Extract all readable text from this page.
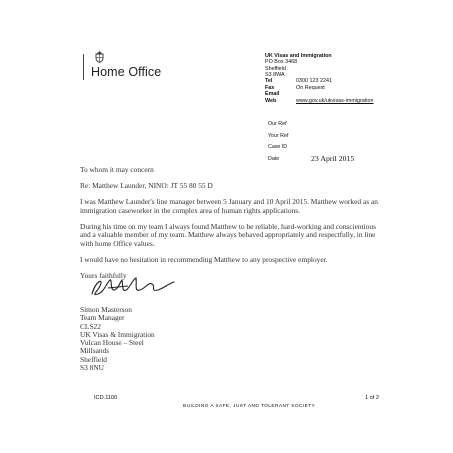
Home Office
UK Visas and Immigration
PO Box 3468
Sheffield
S3 8WA
Tel	0300 123 2241
Fax	On Request
Email
Web	www.gov.uk/ukvisas-immigration
Our Ref
Your Ref
Case ID
Date	23 April 2015

To whom it may concern

Re: Matthew Launder, NINO: JT 55 80 55 D

I was Matthew Launder's line manager between 5 January and 10 April 2015. Matthew worked as an immigration caseworker in the complex area of human rights applications.

During his time on my team I always found Matthew to be reliable, hard-working and conscientious and a valuable member of my team. Matthew always behaved appropriately and respectfully, in line with home Office values.

I would have no hesitation in recommending Matthew to any prospective employer.

Yours faithfully

Simon Masterson
Team Manager
CLS22
UK Visas & Immigration
Vulcan House – Steel
Millsands
Sheffield
S3 8NU
ICD.1100
BUILDING A SAFE, JUST AND TOLERANT SOCIETY
1 of 2
